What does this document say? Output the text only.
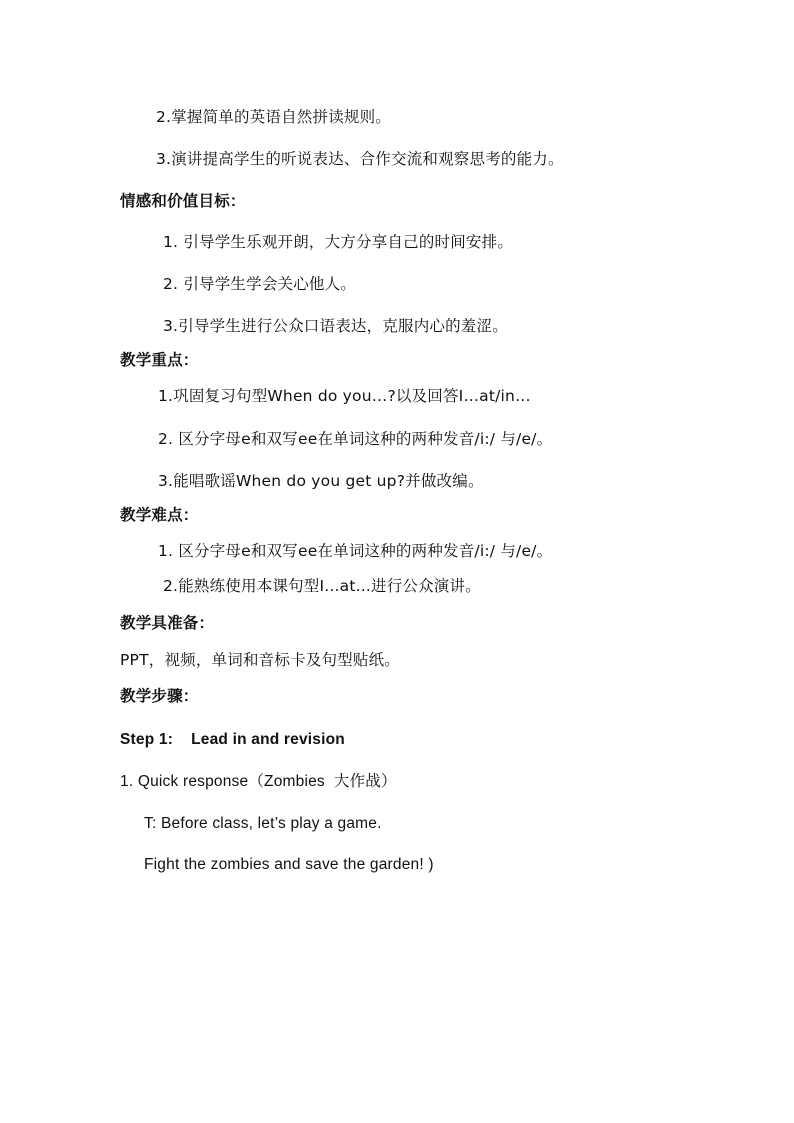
2.掌握简单的英语自然拼读规则。
3.演讲提高学生的听说表达、合作交流和观察思考的能力。
情感和价值目标：
1. 引导学生乐观开朗，大方分享自己的时间安排。
2. 引导学生学会关心他人。
3.引导学生进行公众口语表达，克服内心的羞涩。
教学重点：
1.巩固复习句型When do you…?以及回答I…at/in…
2. 区分字母e和双写ee在单词这种的两种发音/i:/ 与/e/。
3.能唱歌谣When do you get up?并做改编。
教学难点：
1. 区分字母e和双写ee在单词这种的两种发音/i:/ 与/e/。
2.能熟练使用本课句型I...at...进行公众演讲。
教学具准备：
PPT，视频，单词和音标卡及句型贴纸。
教学步骤：
Step 1:    Lead in and revision
1. Quick response（Zombies  大作战）
T: Before class, let’s play a game.
Fight the zombies and save the garden! )
